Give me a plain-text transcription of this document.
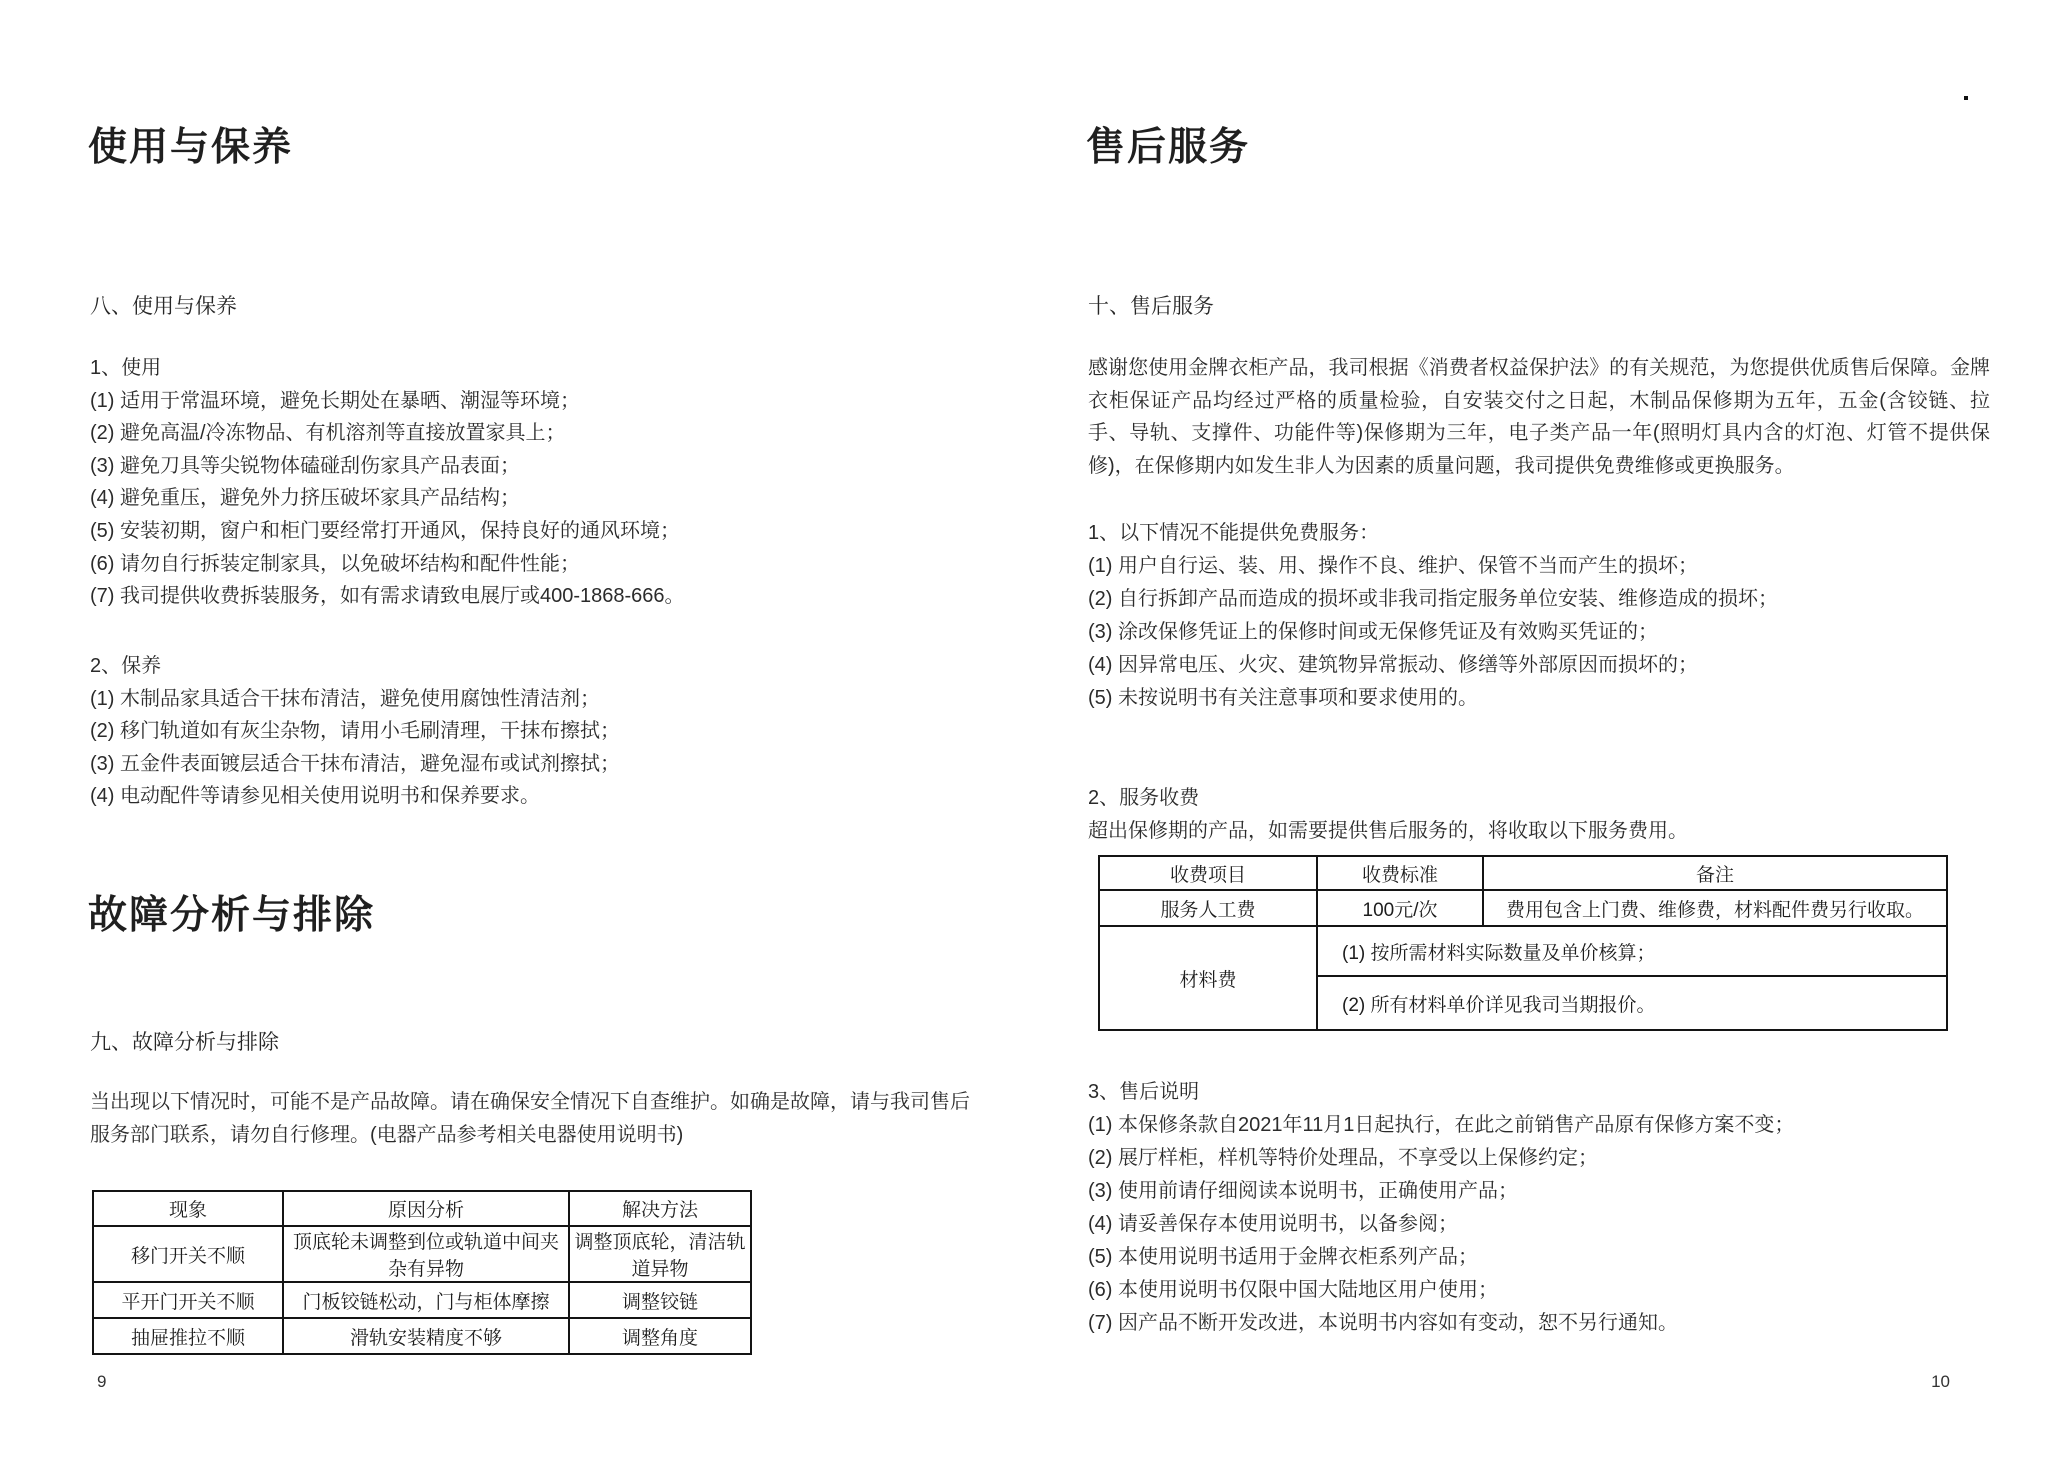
使用与保养
八、使用与保养
1、使用
(1) 适用于常温环境，避免长期处在暴晒、潮湿等环境；
(2) 避免高温/冷冻物品、有机溶剂等直接放置家具上；
(3) 避免刀具等尖锐物体磕碰刮伤家具产品表面；
(4) 避免重压，避免外力挤压破坏家具产品结构；
(5) 安装初期，窗户和柜门要经常打开通风，保持良好的通风环境；
(6) 请勿自行拆装定制家具，以免破坏结构和配件性能；
(7) 我司提供收费拆装服务，如有需求请致电展厅或400-1868-666。
2、保养
(1) 木制品家具适合干抹布清洁，避免使用腐蚀性清洁剂；
(2) 移门轨道如有灰尘杂物，请用小毛刷清理，干抹布擦拭；
(3) 五金件表面镀层适合干抹布清洁，避免湿布或试剂擦拭；
(4) 电动配件等请参见相关使用说明书和保养要求。
故障分析与排除
九、故障分析与排除
当出现以下情况时，可能不是产品故障。请在确保安全情况下自查维护。如确是故障，请与我司售后服务部门联系，请勿自行修理。(电器产品参考相关电器使用说明书)
现象	原因分析	解决方法
移门开关不顺	顶底轮未调整到位或轨道中间夹杂有异物	调整顶底轮，清洁轨道异物
平开门开关不顺	门板铰链松动，门与柜体摩擦	调整铰链
抽屉推拉不顺	滑轨安装精度不够	调整角度
9
售后服务
十、售后服务
感谢您使用金牌衣柜产品，我司根据《消费者权益保护法》的有关规范，为您提供优质售后保障。金牌衣柜保证产品均经过严格的质量检验，自安装交付之日起，木制品保修期为五年，五金(含铰链、拉手、导轨、支撑件、功能件等)保修期为三年，电子类产品一年(照明灯具内含的灯泡、灯管不提供保修)，在保修期内如发生非人为因素的质量问题，我司提供免费维修或更换服务。
1、以下情况不能提供免费服务：
(1) 用户自行运、装、用、操作不良、维护、保管不当而产生的损坏；
(2) 自行拆卸产品而造成的损坏或非我司指定服务单位安装、维修造成的损坏；
(3) 涂改保修凭证上的保修时间或无保修凭证及有效购买凭证的；
(4) 因异常电压、火灾、建筑物异常振动、修缮等外部原因而损坏的；
(5) 未按说明书有关注意事项和要求使用的。
2、服务收费
超出保修期的产品，如需要提供售后服务的，将收取以下服务费用。
收费项目	收费标准	备注
服务人工费	100元/次	费用包含上门费、维修费，材料配件费另行收取。
材料费	(1) 按所需材料实际数量及单价核算；	
	(2) 所有材料单价详见我司当期报价。	
3、售后说明
(1) 本保修条款自2021年11月1日起执行，在此之前销售产品原有保修方案不变；
(2) 展厅样柜，样机等特价处理品，不享受以上保修约定；
(3) 使用前请仔细阅读本说明书，正确使用产品；
(4) 请妥善保存本使用说明书，以备参阅；
(5) 本使用说明书适用于金牌衣柜系列产品；
(6) 本使用说明书仅限中国大陆地区用户使用；
(7) 因产品不断开发改进，本说明书内容如有变动，恕不另行通知。
10
